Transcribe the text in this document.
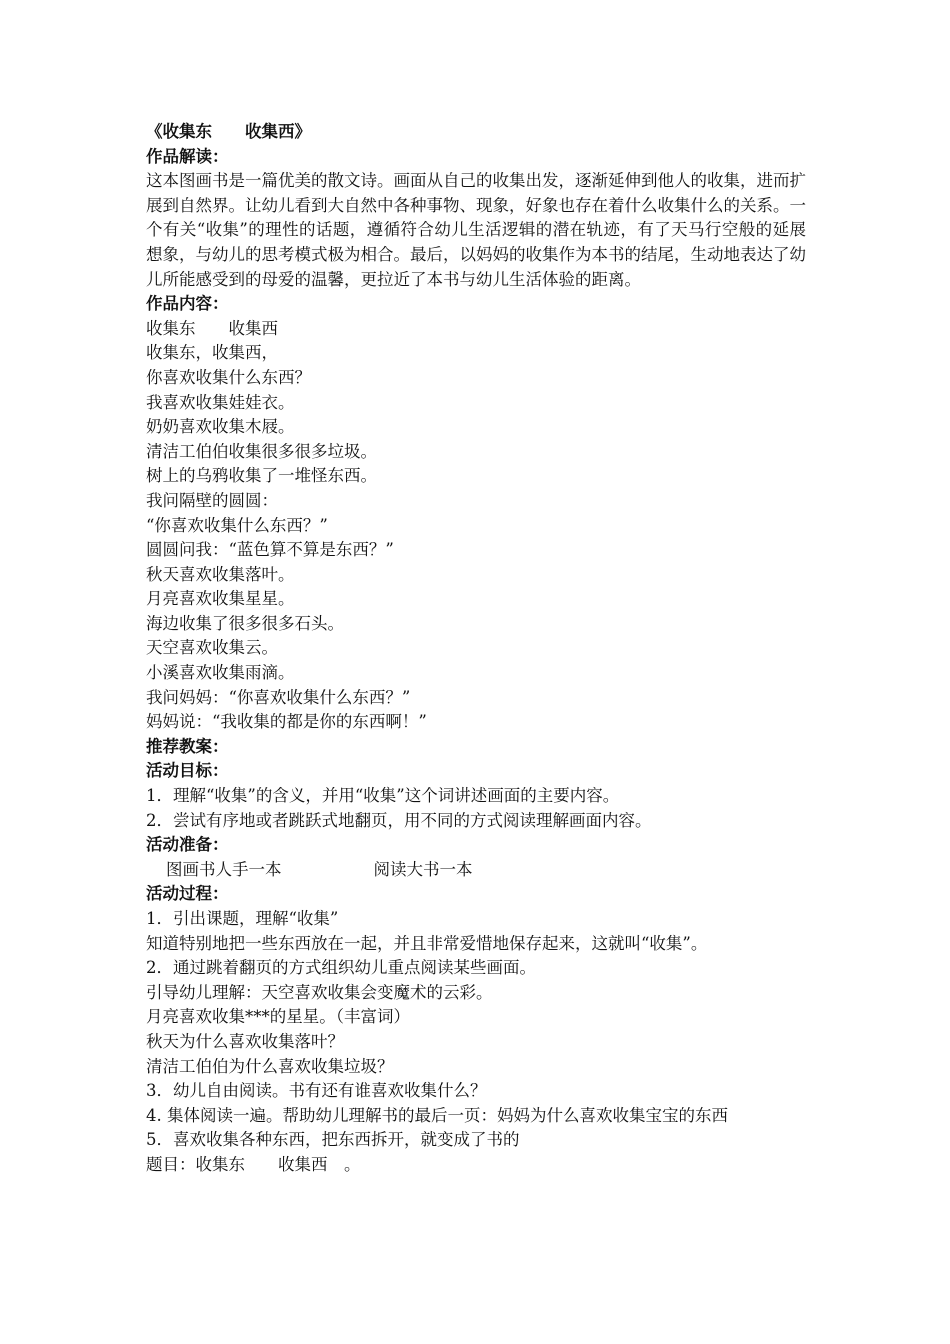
《收集东　　收集西》
作品解读：
这本图画书是一篇优美的散文诗。画面从自己的收集出发，逐渐延伸到他人的收集，进而扩展到自然界。让幼儿看到大自然中各种事物、现象，好象也存在着什么收集什么的关系。一个有关“收集”的理性的话题，遵循符合幼儿生活逻辑的潜在轨迹，有了天马行空般的延展想象，与幼儿的思考模式极为相合。最后，以妈妈的收集作为本书的结尾，生动地表达了幼儿所能感受到的母爱的温馨，更拉近了本书与幼儿生活体验的距离。
作品内容：
收集东　　收集西
收集东，收集西，
你喜欢收集什么东西？
我喜欢收集娃娃衣。
奶奶喜欢收集木屐。
清洁工伯伯收集很多很多垃圾。
树上的乌鸦收集了一堆怪东西。
我问隔壁的圆圆：
“你喜欢收集什么东西？”
圆圆问我：“蓝色算不算是东西？”
秋天喜欢收集落叶。
月亮喜欢收集星星。
海边收集了很多很多石头。
天空喜欢收集云。
小溪喜欢收集雨滴。
我问妈妈：“你喜欢收集什么东西？”
妈妈说：“我收集的都是你的东西啊！”
推荐教案：
活动目标：
1．理解“收集”的含义，并用“收集”这个词讲述画面的主要内容。
2．尝试有序地或者跳跃式地翻页，用不同的方式阅读理解画面内容。
活动准备：
图画书人手一本	阅读大书一本
活动过程：
1．引出课题，理解“收集”
知道特别地把一些东西放在一起，并且非常爱惜地保存起来，这就叫“收集”。
2．通过跳着翻页的方式组织幼儿重点阅读某些画面。
引导幼儿理解：天空喜欢收集会变魔术的云彩。
月亮喜欢收集***的星星。（丰富词）
秋天为什么喜欢收集落叶？
清洁工伯伯为什么喜欢收集垃圾？
3．幼儿自由阅读。书有还有谁喜欢收集什么？
4. 集体阅读一遍。帮助幼儿理解书的最后一页：妈妈为什么喜欢收集宝宝的东西
5．喜欢收集各种东西，把东西拆开，就变成了书的
题目：收集东　　收集西　。
